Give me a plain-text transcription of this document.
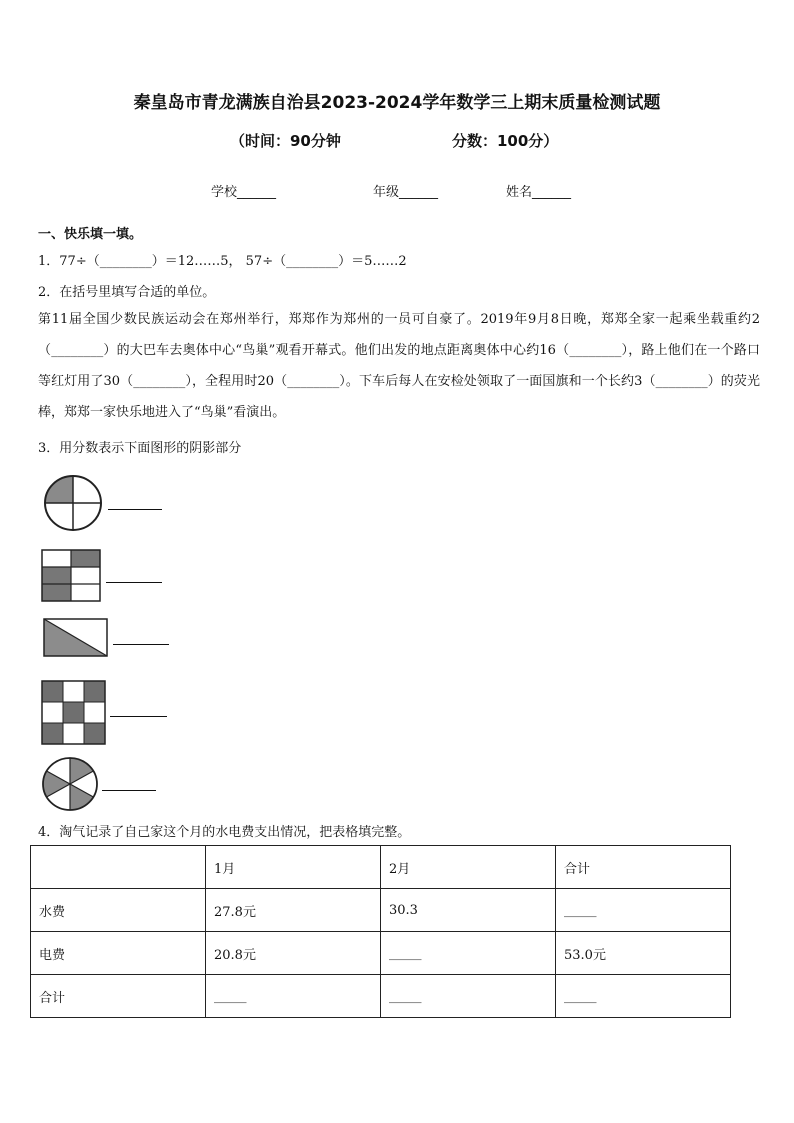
秦皇岛市青龙满族自治县2023-2024学年数学三上期末质量检测试题
（时间：90分钟	分数：100分）
学校______	年级______	姓名______
一、快乐填一填。
1．77÷（________）＝12……5， 57÷（________）＝5……2
2．在括号里填写合适的单位。
第11届全国少数民族运动会在郑州举行，郑郑作为郑州的一员可自豪了。2019年9月8日晚，郑郑全家一起乘坐载重约2（________）的大巴车去奥体中心“鸟巢”观看开幕式。他们出发的地点距离奥体中心约16（________），路上他们在一个路口等红灯用了30（________），全程用时20（________）。下车后每人在安检处领取了一面国旗和一个长约3（________）的荧光棒，郑郑一家快乐地进入了“鸟巢”看演出。
3．用分数表示下面图形的阴影部分
4．淘气记录了自己家这个月的水电费支出情况，把表格填完整。
	1月	2月	合计
水费	27.8元	30.3	_____
电费	20.8元	_____	53.0元
合计	_____	_____	_____
